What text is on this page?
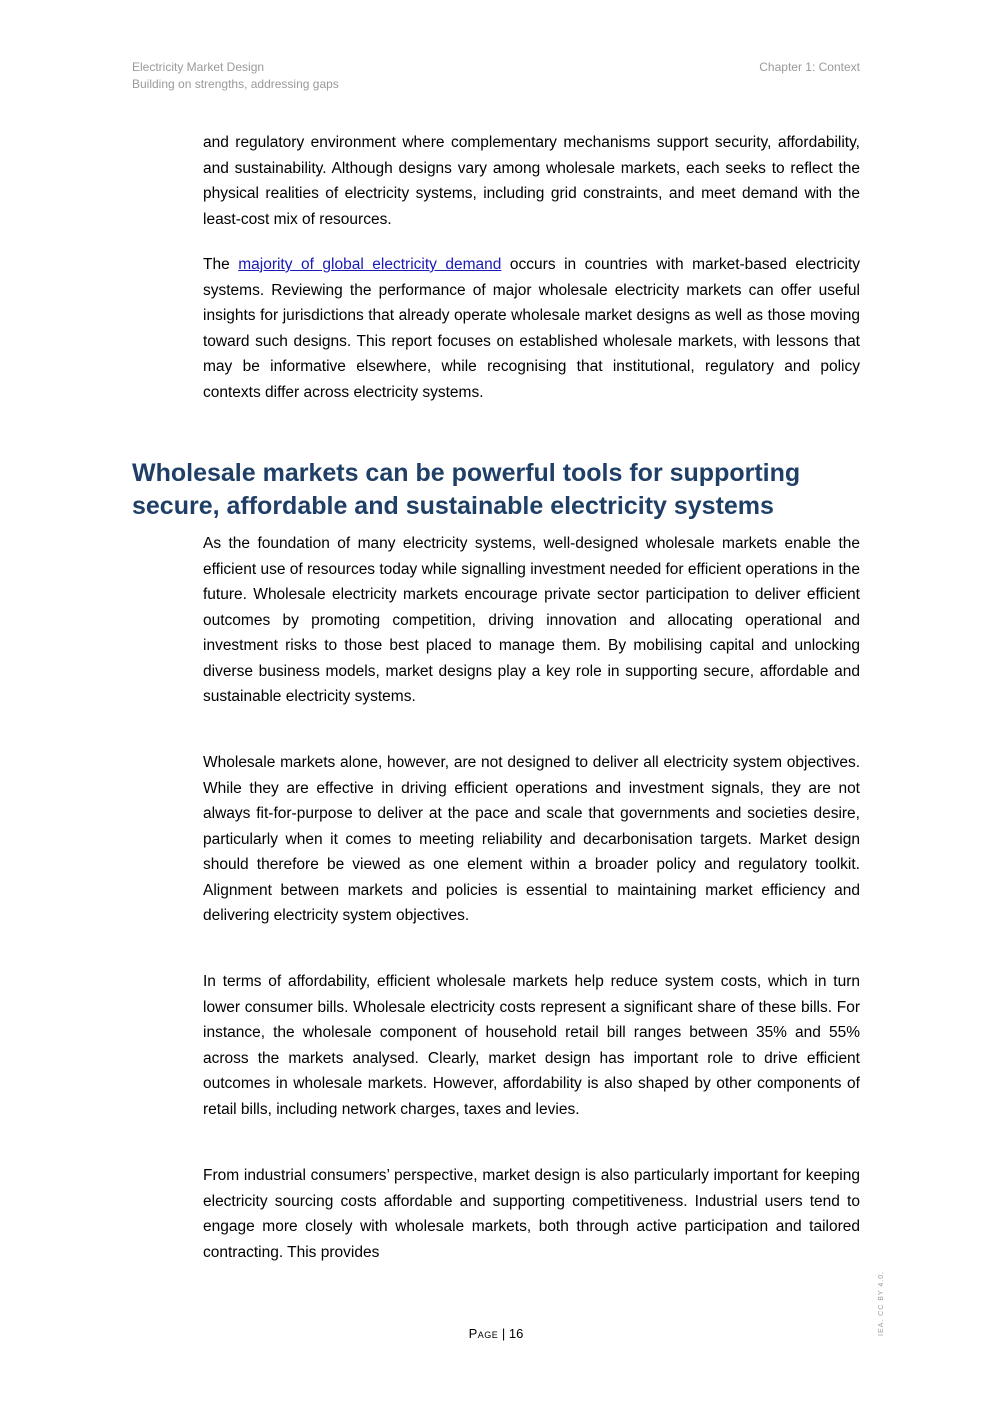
Electricity Market Design
Building on strengths, addressing gaps
Chapter 1: Context

and regulatory environment where complementary mechanisms support security, affordability, and sustainability. Although designs vary among wholesale markets, each seeks to reflect the physical realities of electricity systems, including grid constraints, and meet demand with the least-cost mix of resources.

The majority of global electricity demand occurs in countries with market-based electricity systems. Reviewing the performance of major wholesale electricity markets can offer useful insights for jurisdictions that already operate wholesale market designs as well as those moving toward such designs. This report focuses on established wholesale markets, with lessons that may be informative elsewhere, while recognising that institutional, regulatory and policy contexts differ across electricity systems.

Wholesale markets can be powerful tools for supporting secure, affordable and sustainable electricity systems

As the foundation of many electricity systems, well-designed wholesale markets enable the efficient use of resources today while signalling investment needed for efficient operations in the future. Wholesale electricity markets encourage private sector participation to deliver efficient outcomes by promoting competition, driving innovation and allocating operational and investment risks to those best placed to manage them. By mobilising capital and unlocking diverse business models, market designs play a key role in supporting secure, affordable and sustainable electricity systems.

Wholesale markets alone, however, are not designed to deliver all electricity system objectives. While they are effective in driving efficient operations and investment signals, they are not always fit-for-purpose to deliver at the pace and scale that governments and societies desire, particularly when it comes to meeting reliability and decarbonisation targets. Market design should therefore be viewed as one element within a broader policy and regulatory toolkit. Alignment between markets and policies is essential to maintaining market efficiency and delivering electricity system objectives.

In terms of affordability, efficient wholesale markets help reduce system costs, which in turn lower consumer bills. Wholesale electricity costs represent a significant share of these bills. For instance, the wholesale component of household retail bill ranges between 35% and 55% across the markets analysed. Clearly, market design has important role to drive efficient outcomes in wholesale markets. However, affordability is also shaped by other components of retail bills, including network charges, taxes and levies.

From industrial consumers’ perspective, market design is also particularly important for keeping electricity sourcing costs affordable and supporting competitiveness. Industrial users tend to engage more closely with wholesale markets, both through active participation and tailored contracting. This provides

Page | 16	IEA. CC BY 4.0.
